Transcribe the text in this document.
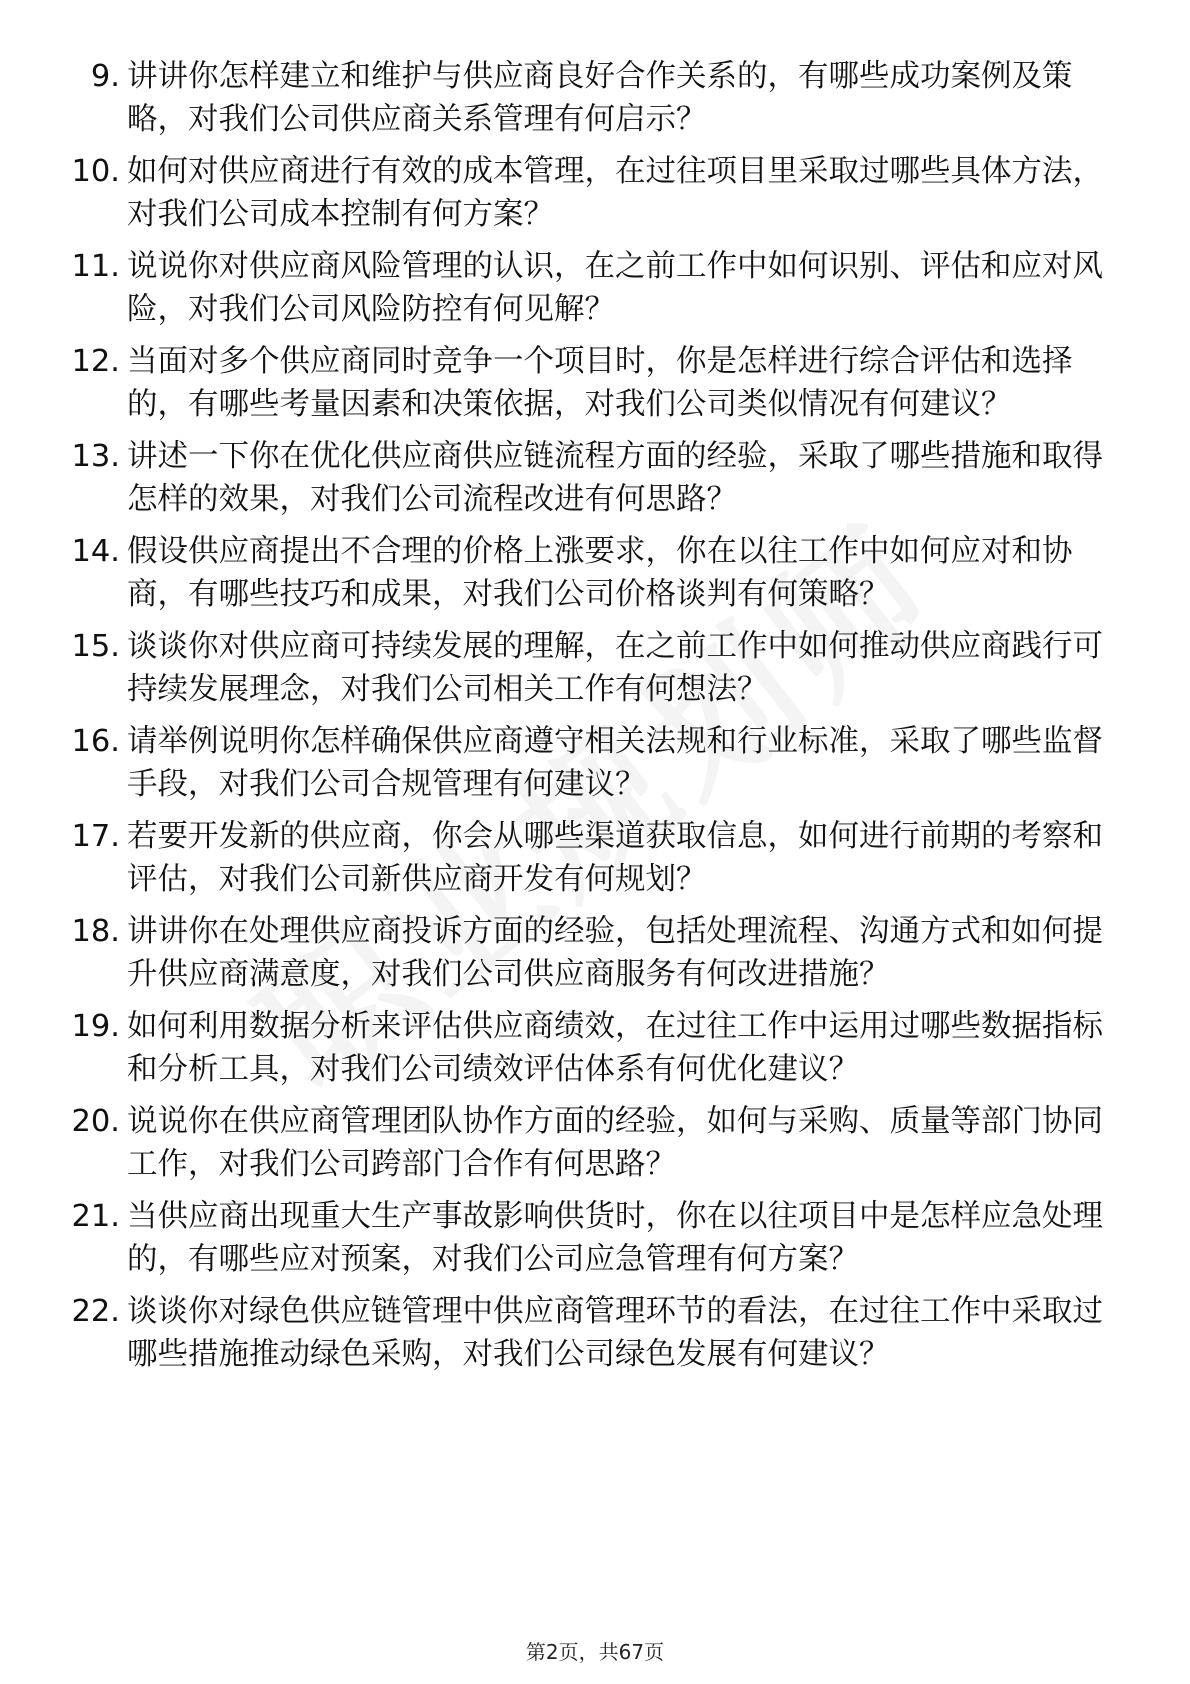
9. 讲讲你怎样建立和维护与供应商良好合作关系的，有哪些成功案例及策略，对我们公司供应商关系管理有何启示？
10. 如何对供应商进行有效的成本管理，在过往项目里采取过哪些具体方法，对我们公司成本控制有何方案？
11. 说说你对供应商风险管理的认识，在之前工作中如何识别、评估和应对风险，对我们公司风险防控有何见解？
12. 当面对多个供应商同时竞争一个项目时，你是怎样进行综合评估和选择的，有哪些考量因素和决策依据，对我们公司类似情况有何建议？
13. 讲述一下你在优化供应商供应链流程方面的经验，采取了哪些措施和取得怎样的效果，对我们公司流程改进有何思路？
14. 假设供应商提出不合理的价格上涨要求，你在以往工作中如何应对和协商，有哪些技巧和成果，对我们公司价格谈判有何策略？
15. 谈谈你对供应商可持续发展的理解，在之前工作中如何推动供应商践行可持续发展理念，对我们公司相关工作有何想法？
16. 请举例说明你怎样确保供应商遵守相关法规和行业标准，采取了哪些监督手段，对我们公司合规管理有何建议？
17. 若要开发新的供应商，你会从哪些渠道获取信息，如何进行前期的考察和评估，对我们公司新供应商开发有何规划？
18. 讲讲你在处理供应商投诉方面的经验，包括处理流程、沟通方式和如何提升供应商满意度，对我们公司供应商服务有何改进措施？
19. 如何利用数据分析来评估供应商绩效，在过往工作中运用过哪些数据指标和分析工具，对我们公司绩效评估体系有何优化建议？
20. 说说你在供应商管理团队协作方面的经验，如何与采购、质量等部门协同工作，对我们公司跨部门合作有何思路？
21. 当供应商出现重大生产事故影响供货时，你在以往项目中是怎样应急处理的，有哪些应对预案，对我们公司应急管理有何方案？
22. 谈谈你对绿色供应链管理中供应商管理环节的看法，在过往工作中采取过哪些措施推动绿色采购，对我们公司绿色发展有何建议？
第2页，共67页
